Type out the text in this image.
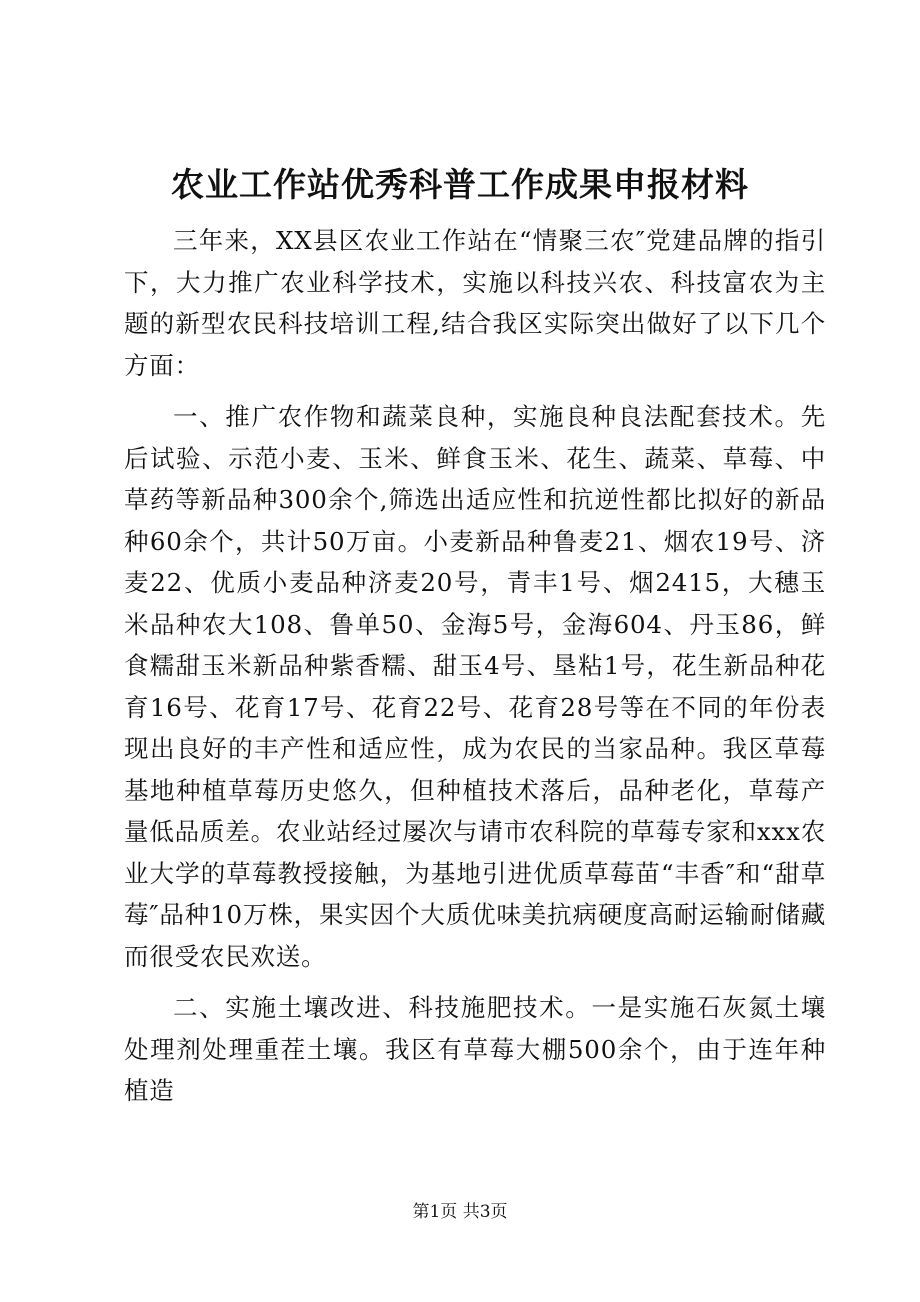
农业工作站优秀科普工作成果申报材料

三年来，XX县区农业工作站在“情聚三农″党建品牌的指引下，大力推广农业科学技术，实施以科技兴农、科技富农为主题的新型农民科技培训工程,结合我区实际突出做好了以下几个方面：

一、推广农作物和蔬菜良种，实施良种良法配套技术。先后试验、示范小麦、玉米、鲜食玉米、花生、蔬菜、草莓、中草药等新品种300余个,筛选出适应性和抗逆性都比拟好的新品种60余个，共计50万亩。小麦新品种鲁麦21、烟农19号、济麦22、优质小麦品种济麦20号，青丰1号、烟2415，大穗玉米品种农大108、鲁单50、金海5号，金海604、丹玉86，鲜食糯甜玉米新品种紫香糯、甜玉4号、垦粘1号，花生新品种花育16号、花育17号、花育22号、花育28号等在不同的年份表现出良好的丰产性和适应性，成为农民的当家品种。我区草莓基地种植草莓历史悠久，但种植技术落后，品种老化，草莓产量低品质差。农业站经过屡次与请市农科院的草莓专家和xxx农业大学的草莓教授接触，为基地引进优质草莓苗“丰香″和“甜草莓″品种10万株，果实因个大质优味美抗病硬度高耐运输耐储藏而很受农民欢送。

二、实施土壤改进、科技施肥技术。一是实施石灰氮土壤处理剂处理重茬土壤。我区有草莓大棚500余个，由于连年种植造

第1页 共3页
